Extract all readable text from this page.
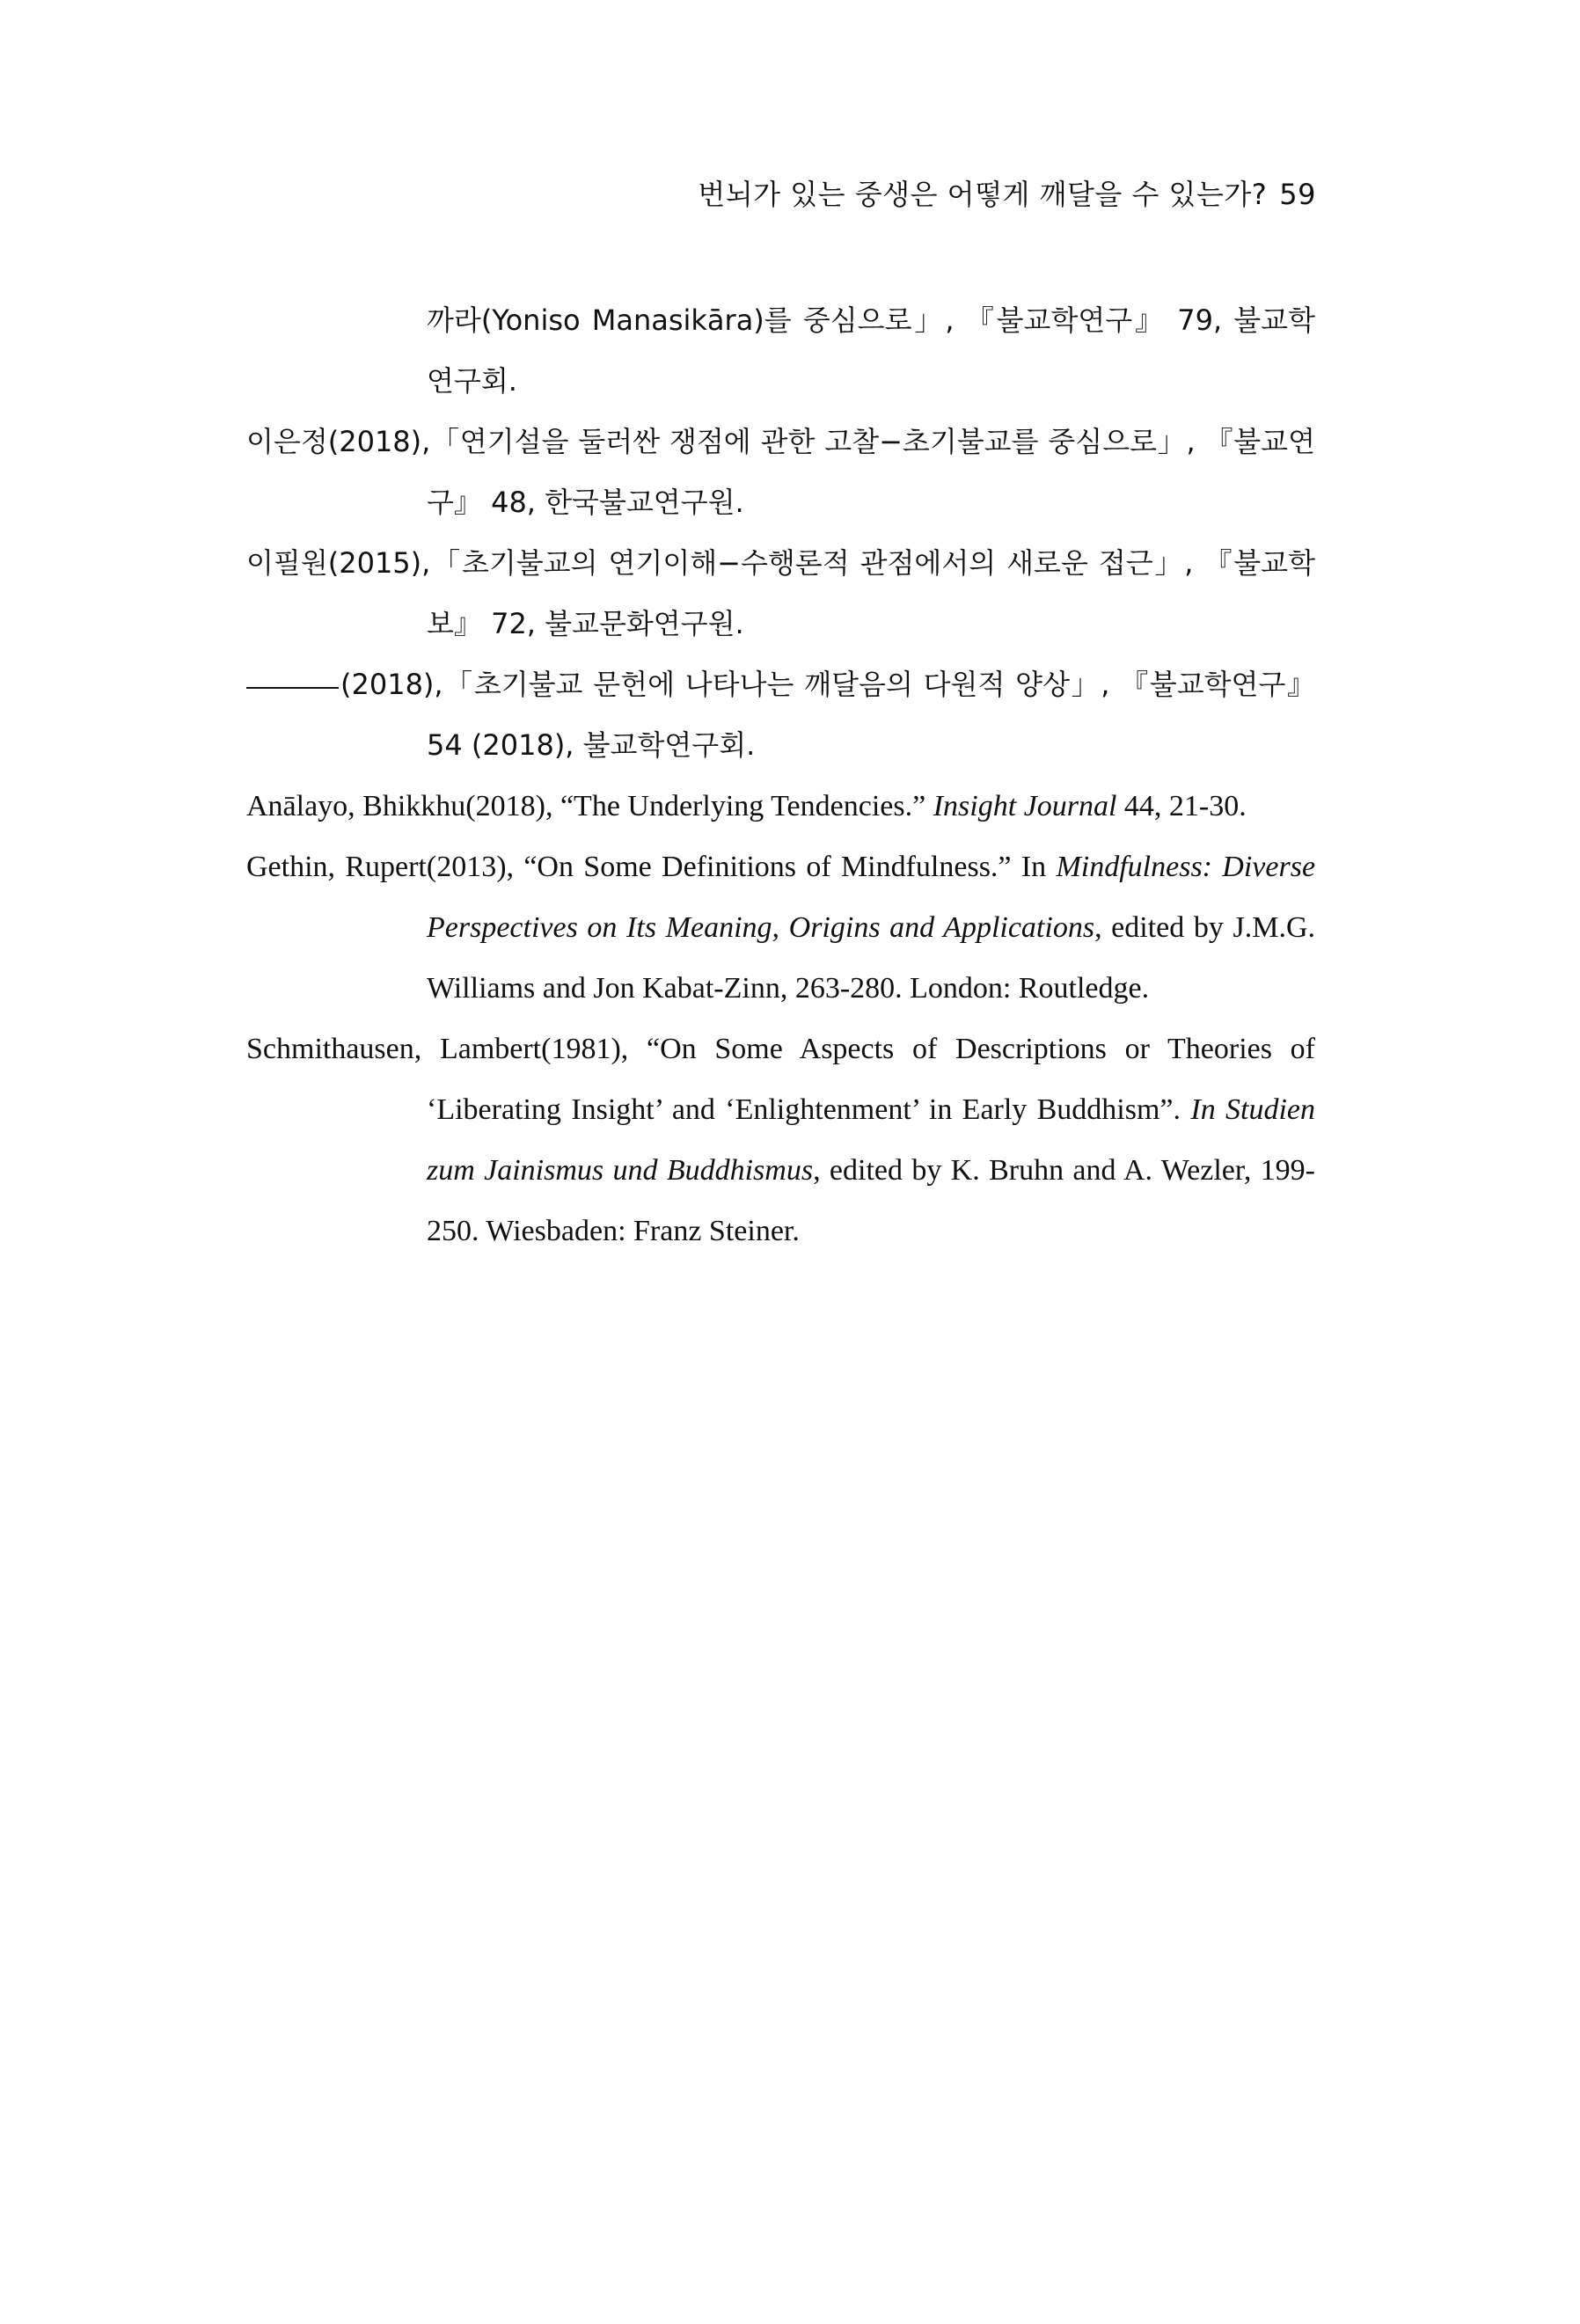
번뇌가 있는 중생은 어떻게 깨달을 수 있는가? 59

까라(Yoniso Manasikāra)를 중심으로」, 『불교학연구』 79, 불교학연구회.

이은정(2018),「연기설을 둘러싼 쟁점에 관한 고찰−초기불교를 중심으로」, 『불교연구』 48, 한국불교연구원.

이필원(2015),「초기불교의 연기이해−수행론적 관점에서의 새로운 접근」, 『불교학보』 72, 불교문화연구원.

(2018),「초기불교 문헌에 나타나는 깨달음의 다원적 양상」, 『불교학연구』 54 (2018), 불교학연구회.

Anālayo, Bhikkhu(2018), “The Underlying Tendencies.” Insight Journal 44, 21-30.

Gethin, Rupert(2013), “On Some Definitions of Mindfulness.” In Mindfulness: Diverse Perspectives on Its Meaning, Origins and Applications, edited by J.M.G. Williams and Jon Kabat-Zinn, 263-280. London: Routledge.

Schmithausen, Lambert(1981), “On Some Aspects of Descriptions or Theories of ‘Liberating Insight’ and ‘Enlightenment’ in Early Buddhism”. In Studien zum Jainismus und Buddhismus, edited by K. Bruhn and A. Wezler, 199-250. Wiesbaden: Franz Steiner.
